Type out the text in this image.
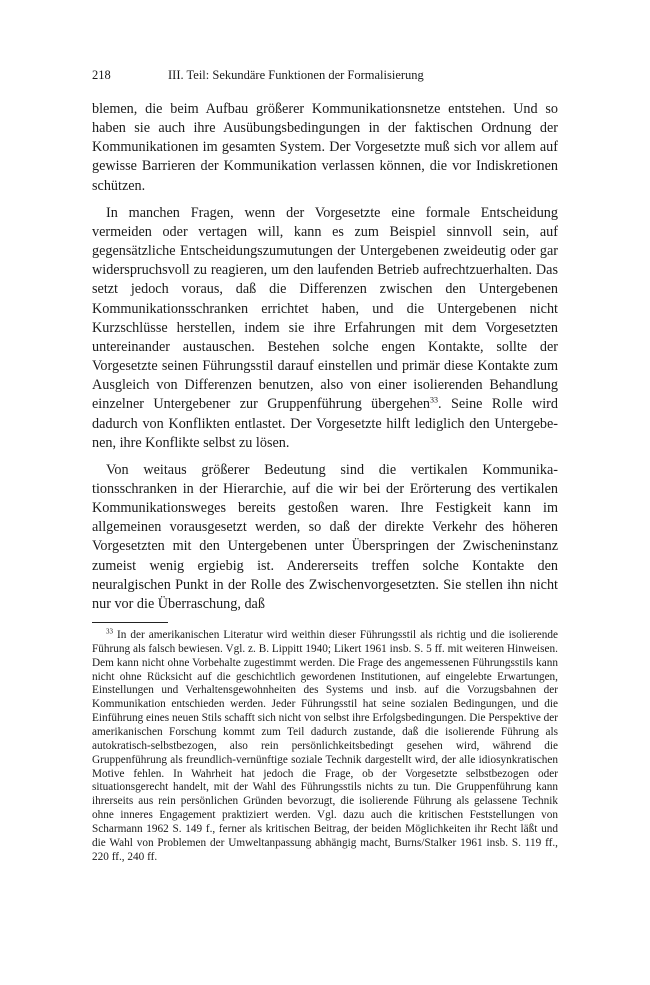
218	III. Teil: Sekundäre Funktionen der Formalisierung

blemen, die beim Aufbau größerer Kommunikationsnetze entstehen. Und so haben sie auch ihre Ausübungsbedingungen in der faktischen Ordnung der Kommunikationen im gesamten System. Der Vorgesetzte muß sich vor allem auf gewisse Barrieren der Kommunikation verlassen können, die vor Indiskretionen schützen.

In manchen Fragen, wenn der Vorgesetzte eine formale Entscheidung vermeiden oder vertagen will, kann es zum Beispiel sinnvoll sein, auf gegensätzliche Entscheidungszumutungen der Untergebenen zweideutig oder gar widerspruchsvoll zu reagieren, um den laufenden Betrieb aufrechtzuerhalten. Das setzt jedoch voraus, daß die Differenzen zwischen den Untergebenen Kommunikationsschranken errichtet haben, und die Untergebenen nicht Kurzschlüsse herstellen, indem sie ihre Erfahrungen mit dem Vorgesetzten untereinander austauschen. Bestehen solche engen Kontakte, sollte der Vorgesetzte seinen Führungsstil darauf einstellen und primär diese Kontakte zum Ausgleich von Differenzen benutzen, also von einer isolierenden Behandlung einzelner Untergebener zur Gruppenführung übergehen$^{33}$. Seine Rolle wird dadurch von Konflikten entlastet. Der Vorgesetzte hilft lediglich den Untergebenen, ihre Konflikte selbst zu lösen.

Von weitaus größerer Bedeutung sind die vertikalen Kommunikationsschranken in der Hierarchie, auf die wir bei der Erörterung des vertikalen Kommunikationsweges bereits gestoßen waren. Ihre Festigkeit kann im allgemeinen vorausgesetzt werden, so daß der direkte Verkehr des höheren Vorgesetzten mit den Untergebenen unter Überspringen der Zwischeninstanz zumeist wenig ergiebig ist. Andererseits treffen solche Kontakte den neuralgischen Punkt in der Rolle des Zwischenvorgesetzten. Sie stellen ihn nicht nur vor die Überraschung, daß

$^{33}$ In der amerikanischen Literatur wird weithin dieser Führungsstil als richtig und die isolierende Führung als falsch bewiesen. Vgl. z. B. Lippitt 1940; Likert 1961 insb. S. 5 ff. mit weiteren Hinweisen. Dem kann nicht ohne Vorbehalte zugestimmt werden. Die Frage des angemessenen Führungsstils kann nicht ohne Rücksicht auf die geschichtlich gewordenen Institutionen, auf eingelebte Erwartungen, Einstellungen und Verhaltensgewohnheiten des Systems und insb. auf die Vorzugsbahnen der Kommunikation entschieden werden. Jeder Führungsstil hat seine sozialen Bedingungen, und die Einführung eines neuen Stils schafft sich nicht von selbst ihre Erfolgsbedingungen. Die Perspektive der amerikanischen Forschung kommt zum Teil dadurch zustande, daß die isolierende Führung als autokratisch-selbstbezogen, also rein persönlichkeitsbedingt gesehen wird, während die Gruppenführung als freundlich-vernünftige soziale Technik dargestellt wird, der alle idiosynkratischen Motive fehlen. In Wahrheit hat jedoch die Frage, ob der Vorgesetzte selbstbezogen oder situationsgerecht handelt, mit der Wahl des Führungsstils nichts zu tun. Die Gruppenführung kann ihrerseits aus rein persönlichen Gründen bevorzugt, die isolierende Führung als gelassene Technik ohne inneres Engagement praktiziert werden. Vgl. dazu auch die kritischen Feststellungen von Scharmann 1962 S. 149 f., ferner als kritischen Beitrag, der beiden Möglichkeiten ihr Recht läßt und die Wahl von Problemen der Umweltanpassung abhängig macht, Burns/Stalker 1961 insb. S. 119 ff., 220 ff., 240 ff.
